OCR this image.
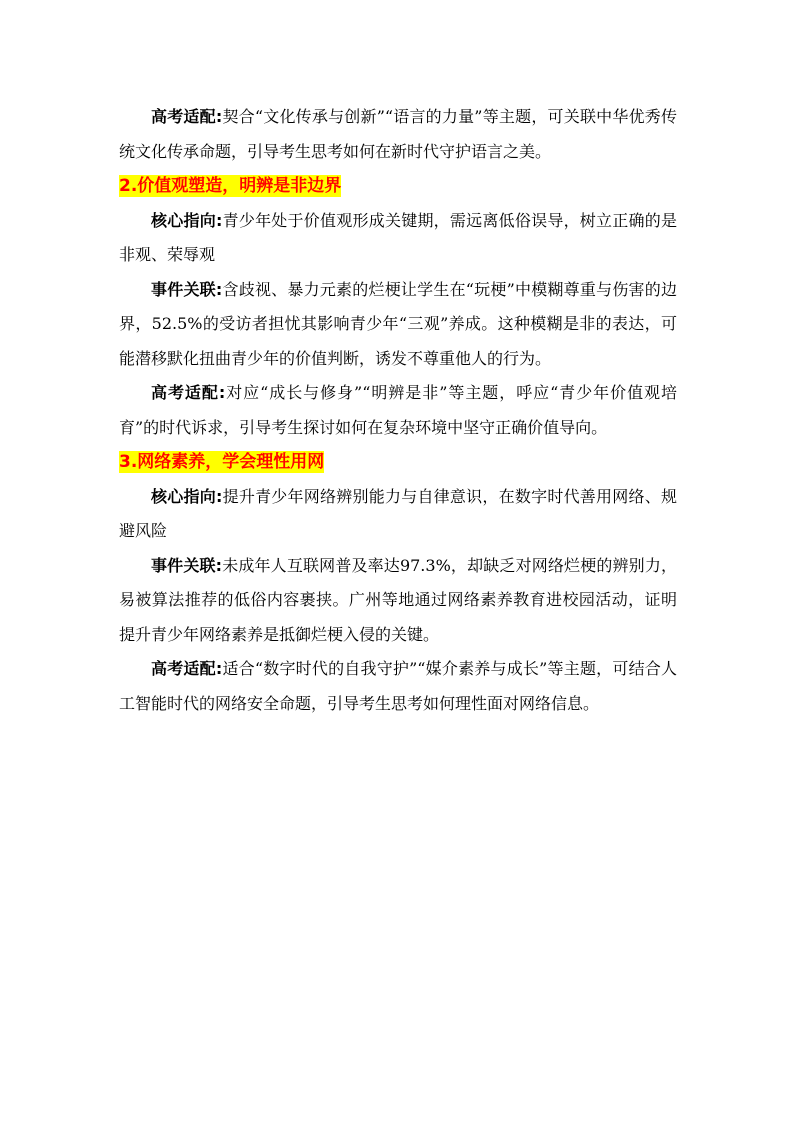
高考适配:契合“文化传承与创新”“语言的力量”等主题，可关联中华优秀传统文化传承命题，引导考生思考如何在新时代守护语言之美。

2.价值观塑造，明辨是非边界

核心指向:青少年处于价值观形成关键期，需远离低俗误导，树立正确的是非观、荣辱观

事件关联:含歧视、暴力元素的烂梗让学生在“玩梗”中模糊尊重与伤害的边界，52.5%的受访者担忧其影响青少年“三观”养成。这种模糊是非的表达，可能潜移默化扭曲青少年的价值判断，诱发不尊重他人的行为。

高考适配:对应“成长与修身”“明辨是非”等主题，呼应“青少年价值观培育”的时代诉求，引导考生探讨如何在复杂环境中坚守正确价值导向。

3.网络素养，学会理性用网

核心指向:提升青少年网络辨别能力与自律意识，在数字时代善用网络、规避风险

事件关联:未成年人互联网普及率达97.3%，却缺乏对网络烂梗的辨别力，易被算法推荐的低俗内容裹挟。广州等地通过网络素养教育进校园活动，证明提升青少年网络素养是抵御烂梗入侵的关键。

高考适配:适合“数字时代的自我守护”“媒介素养与成长”等主题，可结合人工智能时代的网络安全命题，引导考生思考如何理性面对网络信息。
